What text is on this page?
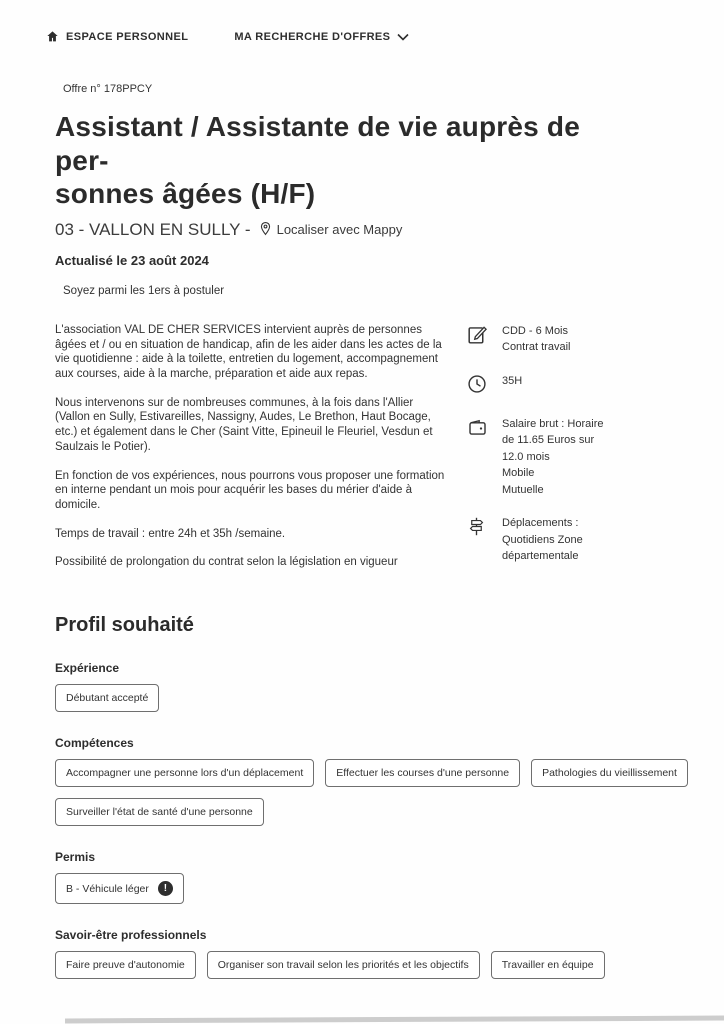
ESPACE PERSONNEL	MA RECHERCHE D'OFFRES
Offre n° 178PPCY
Assistant / Assistante de vie auprès de per-
sonnes âgées (H/F)
03 - VALLON EN SULLY - Localiser avec Mappy
Actualisé le 23 août 2024
Soyez parmi les 1ers à postuler

L'association VAL DE CHER SERVICES intervient auprès de personnes âgées et / ou en situation de handicap, afin de les aider dans les actes de la vie quotidienne : aide à la toilette, entretien du logement, accompagnement aux courses, aide à la marche, préparation et aide aux repas.

Nous intervenons sur de nombreuses communes, à la fois dans l'Allier (Vallon en Sully, Estivareilles, Nassigny, Audes, Le Brethon, Haut Bocage, etc.) et également dans le Cher (Saint Vitte, Epineuil le Fleuriel, Vesdun et Saulzais le Potier).

En fonction de vos expériences, nous pourrons vous proposer une formation en interne pendant un mois pour acquérir les bases du mérier d'aide à domicile.

Temps de travail : entre 24h et 35h /semaine.

Possibilité de prolongation du contrat selon la législation en vigueur

CDD - 6 Mois
Contrat travail
35H
Salaire brut : Horaire
de 11.65 Euros sur
12.0 mois
Mobile
Mutuelle
Déplacements :
Quotidiens Zone
départementale
Profil souhaité
Expérience
Débutant accepté
Compétences
Accompagner une personne lors d'un déplacement	Effectuer les courses d'une personne	Pathologies du vieillissement
Surveiller l'état de santé d'une personne
Permis
B - Véhicule léger	!
Savoir-être professionnels
Faire preuve d'autonomie	Organiser son travail selon les priorités et les objectifs	Travailler en équipe
